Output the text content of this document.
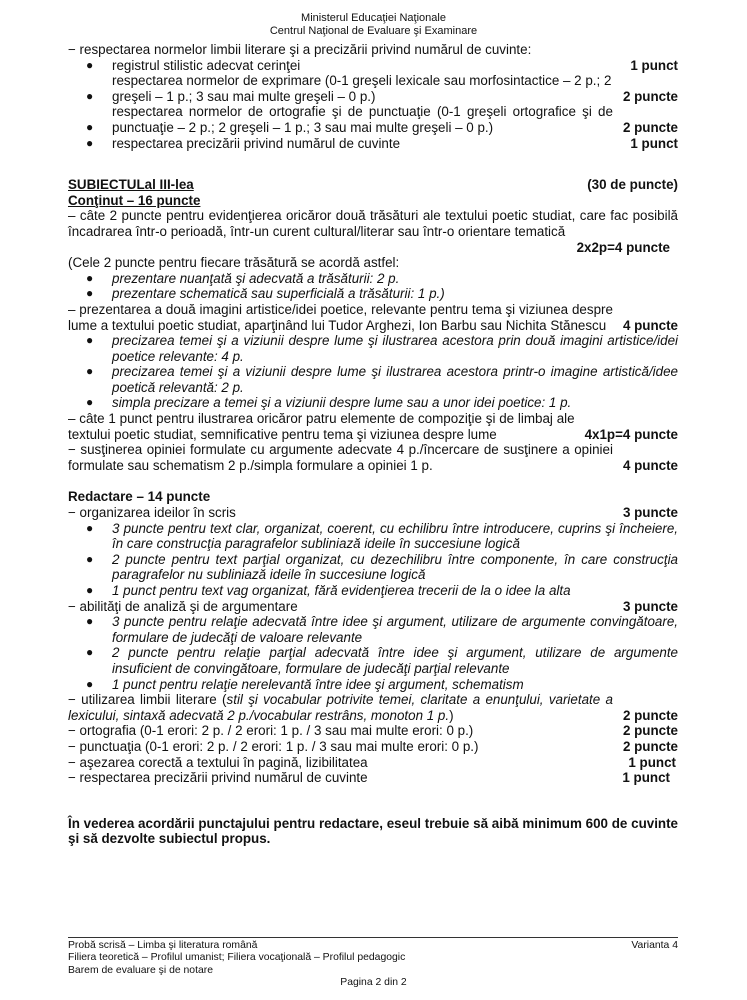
Ministerul Educaţiei Naţionale
Centrul Naţional de Evaluare şi Examinare
− respectarea normelor limbii literare şi a precizării privind numărul de cuvinte:
●	registrul stilistic adecvat cerinţei	1 punct
●
respectarea normelor de exprimare (0-1 greşeli lexicale sau morfosintactice – 2 p.; 2 greşeli – 1 p.; 3 sau mai multe greşeli – 0 p.)	2 puncte
●
respectarea normelor de ortografie şi de punctuaţie (0-1 greşeli ortografice şi de punctuaţie – 2 p.; 2 greşeli – 1 p.; 3 sau mai multe greşeli – 0 p.)	2 puncte
●	respectarea precizării privind numărul de cuvinte	1 punct
SUBIECTULal III-lea	(30 de puncte)
Conţinut – 16 puncte
– câte 2 puncte pentru evidenţierea oricăror două trăsături ale textului poetic studiat, care fac posibilă încadrarea într-o perioadă, într-un curent cultural/literar sau într-o orientare tematică
2x2p=4 puncte
(Cele 2 puncte pentru fiecare trăsătură se acordă astfel:
●	prezentare nuanţată şi adecvată a trăsăturii: 2 p.
●	prezentare schematică sau superficială a trăsăturii: 1 p.)
– prezentarea a două imagini artistice/idei poetice, relevante pentru tema şi viziunea despre lume a textului poetic studiat, aparţinând lui Tudor Arghezi, Ion Barbu sau Nichita Stănescu	4 puncte
●	precizarea temei şi a viziunii despre lume şi ilustrarea acestora prin două imagini artistice/idei poetice relevante: 4 p.
●	precizarea temei şi a viziunii despre lume şi ilustrarea acestora printr-o imagine artistică/idee poetică relevantă: 2 p.
●	simpla precizare a temei şi a viziunii despre lume sau a unor idei poetice: 1 p.
– câte 1 punct pentru ilustrarea oricăror patru elemente de compoziţie şi de limbaj ale textului poetic studiat, semnificative pentru tema şi viziunea despre lume	4x1p=4 puncte
− susţinerea opiniei formulate cu argumente adecvate 4 p./încercare de susţinere a opiniei formulate sau schematism 2 p./simpla formulare a opiniei 1 p.	4 puncte
Redactare – 14 puncte
− organizarea ideilor în scris	3 puncte
●	3 puncte pentru text clar, organizat, coerent, cu echilibru între introducere, cuprins şi încheiere, în care construcţia paragrafelor subliniază ideile în succesiune logică
●	2 puncte pentru text parţial organizat, cu dezechilibru între componente, în care construcţia paragrafelor nu subliniază ideile în succesiune logică
●	1 punct pentru text vag organizat, fără evidenţierea trecerii de la o idee la alta
− abilităţi de analiză şi de argumentare	3 puncte
●	3 puncte pentru relaţie adecvată între idee şi argument, utilizare de argumente convingătoare, formulare de judecăţi de valoare relevante
●	2 puncte pentru relaţie parţial adecvată între idee şi argument, utilizare de argumente insuficient de convingătoare, formulare de judecăţi parţial relevante
●	1 punct pentru relaţie nerelevantă între idee şi argument, schematism
− utilizarea limbii literare (stil şi vocabular potrivite temei, claritate a enunţului, varietate a lexicului, sintaxă adecvată 2 p./vocabular restrâns, monoton 1 p.)	2 puncte
− ortografia (0-1 erori: 2 p. / 2 erori: 1 p. / 3 sau mai multe erori: 0 p.)	2 puncte
− punctuaţia (0-1 erori: 2 p. / 2 erori: 1 p. / 3 sau mai multe erori: 0 p.)	2 puncte
− aşezarea corectă a textului în pagină, lizibilitatea	1 punct
− respectarea precizării privind numărul de cuvinte	1 punct
În vederea acordării punctajului pentru redactare, eseul trebuie să aibă minimum 600 de cuvinte şi să dezvolte subiectul propus.
Probă scrisă – Limba şi literatura română
Filiera teoretică – Profilul umanist; Filiera vocaţională – Profilul pedagogic
Barem de evaluare şi de notare
Varianta 4
Pagina 2 din 2
